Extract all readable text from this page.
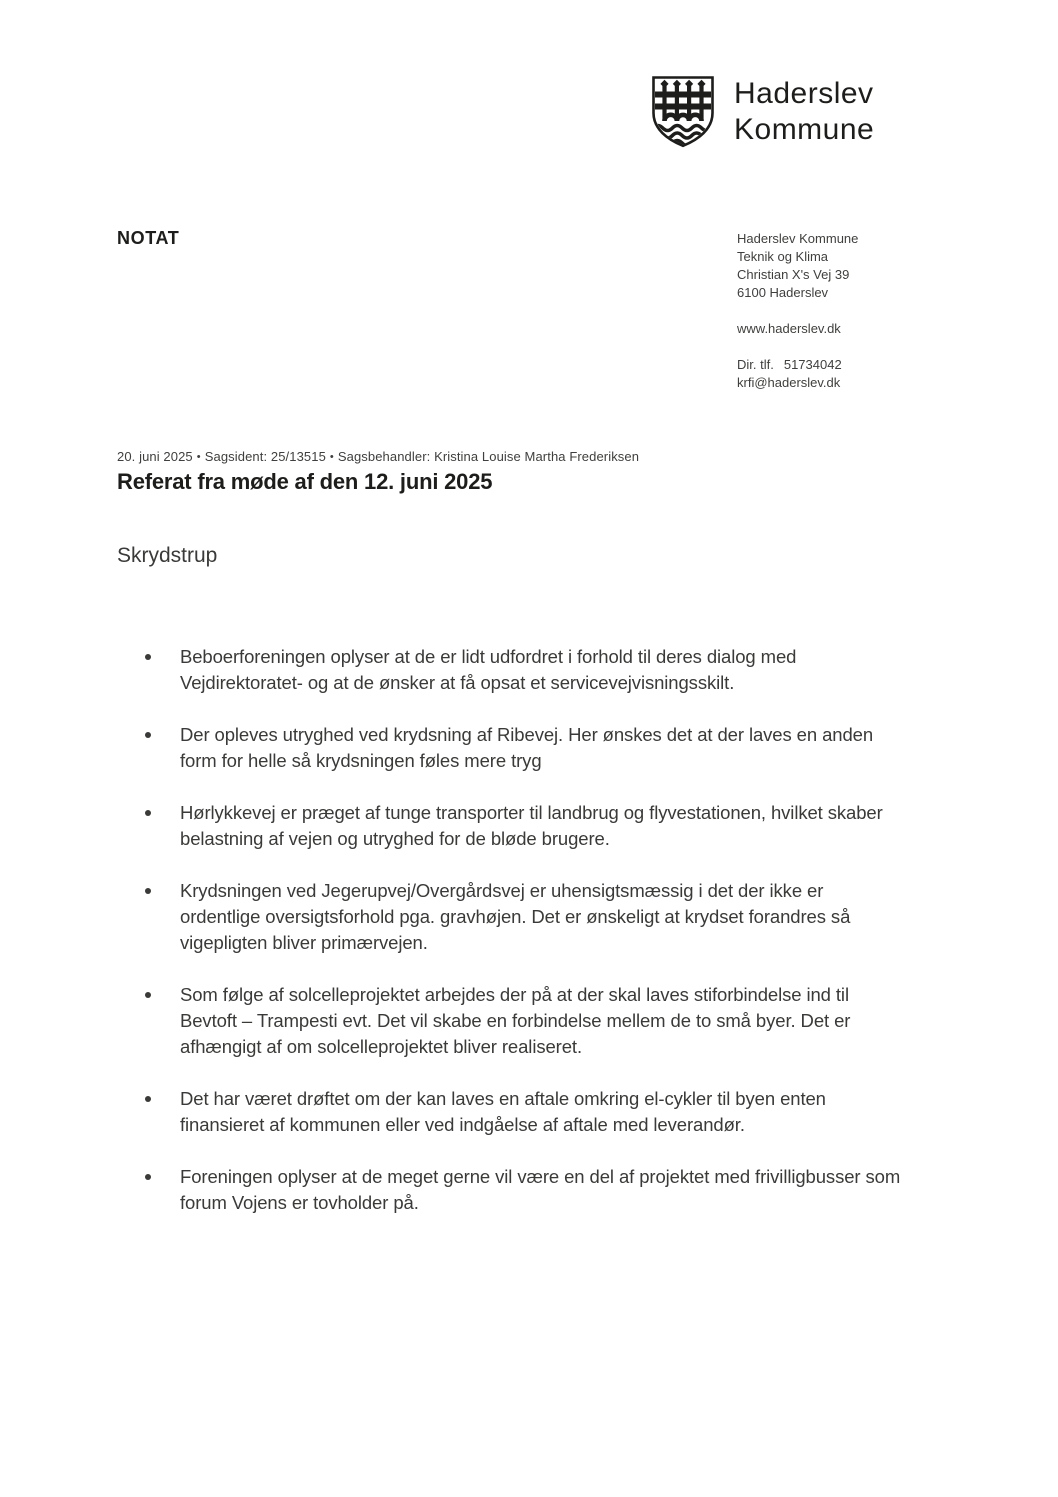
Haderslev
Kommune
NOTAT	Haderslev Kommune
Teknik og Klima
Christian X's Vej 39
6100 Haderslev
www.haderslev.dk
Dir. tlf. 51734042
krfi@haderslev.dk

20. juni 2025 • Sagsident: 25/13515 • Sagsbehandler: Kristina Louise Martha Frederiksen

Referat fra møde af den 12. juni 2025

Skrydstrup

Beboerforeningen oplyser at de er lidt udfordret i forhold til deres dialog med Vejdirektoratet- og at de ønsker at få opsat et servicevejvisningsskilt.
Der opleves utryghed ved krydsning af Ribevej. Her ønskes det at der laves en anden form for helle så krydsningen føles mere tryg
Hørlykkevej er præget af tunge transporter til landbrug og flyvestationen, hvilket skaber belastning af vejen og utryghed for de bløde brugere.
Krydsningen ved Jegerupvej/Overgårdsvej er uhensigtsmæssig i det der ikke er ordentlige oversigtsforhold pga. gravhøjen. Det er ønskeligt at krydset forandres så vigepligten bliver primærvejen.
Som følge af solcelleprojektet arbejdes der på at der skal laves stiforbindelse ind til Bevtoft – Trampesti evt. Det vil skabe en forbindelse mellem de to små byer. Det er afhængigt af om solcelleprojektet bliver realiseret.
Det har været drøftet om der kan laves en aftale omkring el-cykler til byen enten finansieret af kommunen eller ved indgåelse af aftale med leverandør.
Foreningen oplyser at de meget gerne vil være en del af projektet med frivilligbusser som forum Vojens er tovholder på.
